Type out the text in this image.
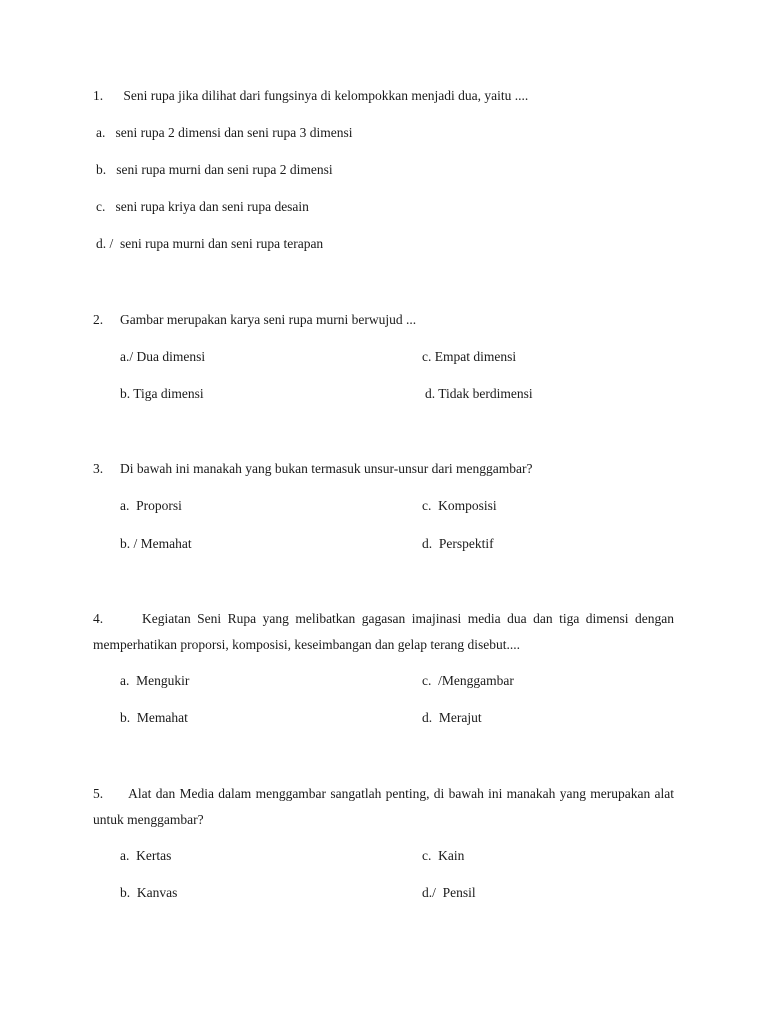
1.      Seni rupa jika dilihat dari fungsinya di kelompokkan menjadi dua, yaitu ....
a.   seni rupa 2 dimensi dan seni rupa 3 dimensi
b.   seni rupa murni dan seni rupa 2 dimensi
c.   seni rupa kriya dan seni rupa desain
d. /  seni rupa murni dan seni rupa terapan
2. Gambar merupakan karya seni rupa murni berwujud ...
a./ Dua dimensi	c. Empat dimensi
b. Tiga dimensi	d. Tidak berdimensi
3. Di bawah ini manakah yang bukan termasuk unsur-unsur dari menggambar?
a.  Proporsi	c.  Komposisi
b. / Memahat	d.  Perspektif
4.      Kegiatan Seni Rupa yang melibatkan gagasan imajinasi media dua dan tiga dimensi dengan memperhatikan proporsi, komposisi, keseimbangan dan gelap terang disebut....
a.  Mengukir	c.  /Menggambar
b.  Memahat	d.  Merajut
5.      Alat dan Media dalam menggambar sangatlah penting, di bawah ini manakah yang merupakan alat untuk menggambar?
a.  Kertas	c.  Kain
b.  Kanvas	d./  Pensil
